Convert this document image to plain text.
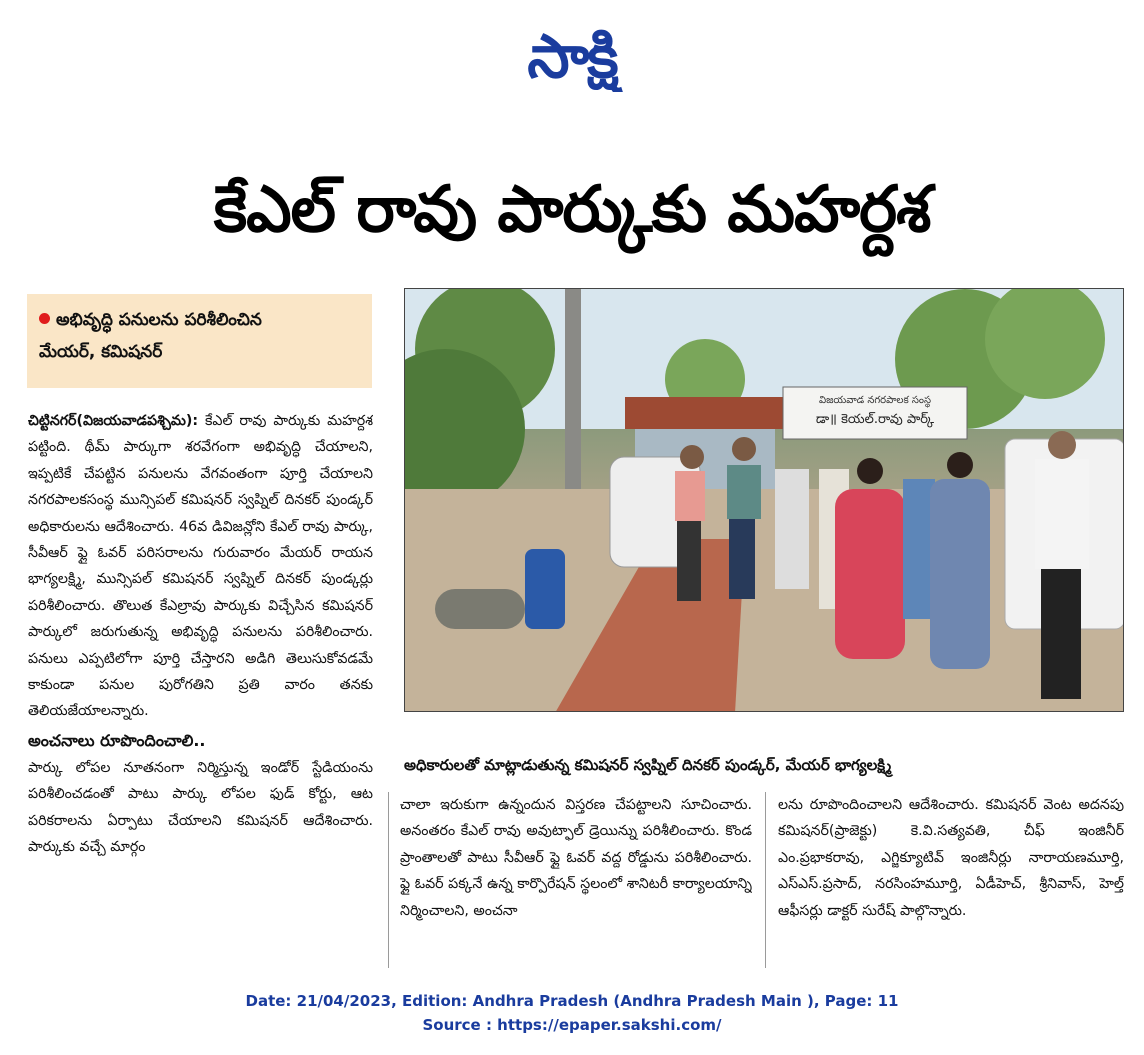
సాక్షి
కేఎల్ రావు పార్కుకు మహర్దశ
అభివృద్ధి పనులను పరిశీలించిన
మేయర్, కమిషనర్

చిట్టినగర్(విజయవాడపశ్చిమ): కేఎల్ రావు పార్కుకు మహర్దశ పట్టింది. థీమ్ పార్కుగా శరవేగంగా అభివృద్ధి చేయాలని, ఇప్పటికే చేపట్టిన పనులను వేగవంతంగా పూర్తి చేయాలని నగరపాలకసంస్థ మున్సిపల్ కమిషనర్ స్వప్నిల్ దినకర్ పుండ్కర్ అధికారులను ఆదేశించారు. 46వ డివిజన్లోని కేఎల్ రావు పార్కు, సీవీఆర్ ఫ్లై ఓవర్ పరిసరాలను గురువారం మేయర్ రాయన భాగ్యలక్ష్మి, మున్సిపల్ కమిషనర్ స్వప్నిల్ దినకర్ పుండ్కర్లు పరిశీలించారు. తొలుత కేఎల్రావు పార్కుకు విచ్చేసిన కమిషనర్ పార్కులో జరుగుతున్న అభివృద్ధి పనులను పరిశీలించారు. పనులు ఎప్పటిలోగా పూర్తి చేస్తారని అడిగి తెలుసుకోవడమే కాకుండా పనుల పురోగతిని ప్రతి వారం తనకు తెలియజేయాలన్నారు.

అంచనాలు రూపొందించాలి..

పార్కు లోపల నూతనంగా నిర్మిస్తున్న ఇండోర్ స్టేడియంను పరిశీలించడంతో పాటు పార్కు లోపల ఫుడ్ కోర్టు, ఆట పరికరాలను ఏర్పాటు చేయాలని కమిషనర్ ఆదేశించారు. పార్కుకు వచ్చే మార్గం

విజయవాడ నగరపాలక సంస్థ
డా॥ కెయల్.రావు పార్క్
అధికారులతో మాట్లాడుతున్న కమిషనర్ స్వప్నిల్ దినకర్ పుండ్కర్, మేయర్ భాగ్యలక్ష్మి

చాలా ఇరుకుగా ఉన్నందున విస్తరణ చేపట్టాలని సూచించారు. అనంతరం కేఎల్ రావు అవుట్ఫాల్ డ్రెయిన్ను పరిశీలించారు. కొండ ప్రాంతాలతో పాటు సీవీఆర్ ఫ్లై ఓవర్ వద్ద రోడ్డును పరిశీలించారు. ఫ్లై ఓవర్ పక్కనే ఉన్న కార్పొరేషన్ స్థలంలో శానిటరీ కార్యాలయాన్ని నిర్మించాలని, అంచనా

లను రూపొందించాలని ఆదేశించారు. కమిషనర్ వెంట అదనపు కమిషనర్(ప్రాజెక్టు) కె.వి.సత్యవతి, చీఫ్ ఇంజినీర్ ఎం.ప్రభాకరావు, ఎగ్జిక్యూటివ్ ఇంజినీర్లు నారాయణమూర్తి, ఎస్ఎస్.ప్రసాద్, నరసింహమూర్తి, ఏడీహెచ్, శ్రీనివాస్, హెల్త్ ఆఫీసర్లు డాక్టర్ సురేష్ పాల్గొన్నారు.

Date: 21/04/2023, Edition: Andhra Pradesh (Andhra Pradesh Main ), Page: 11
Source : https://epaper.sakshi.com/
